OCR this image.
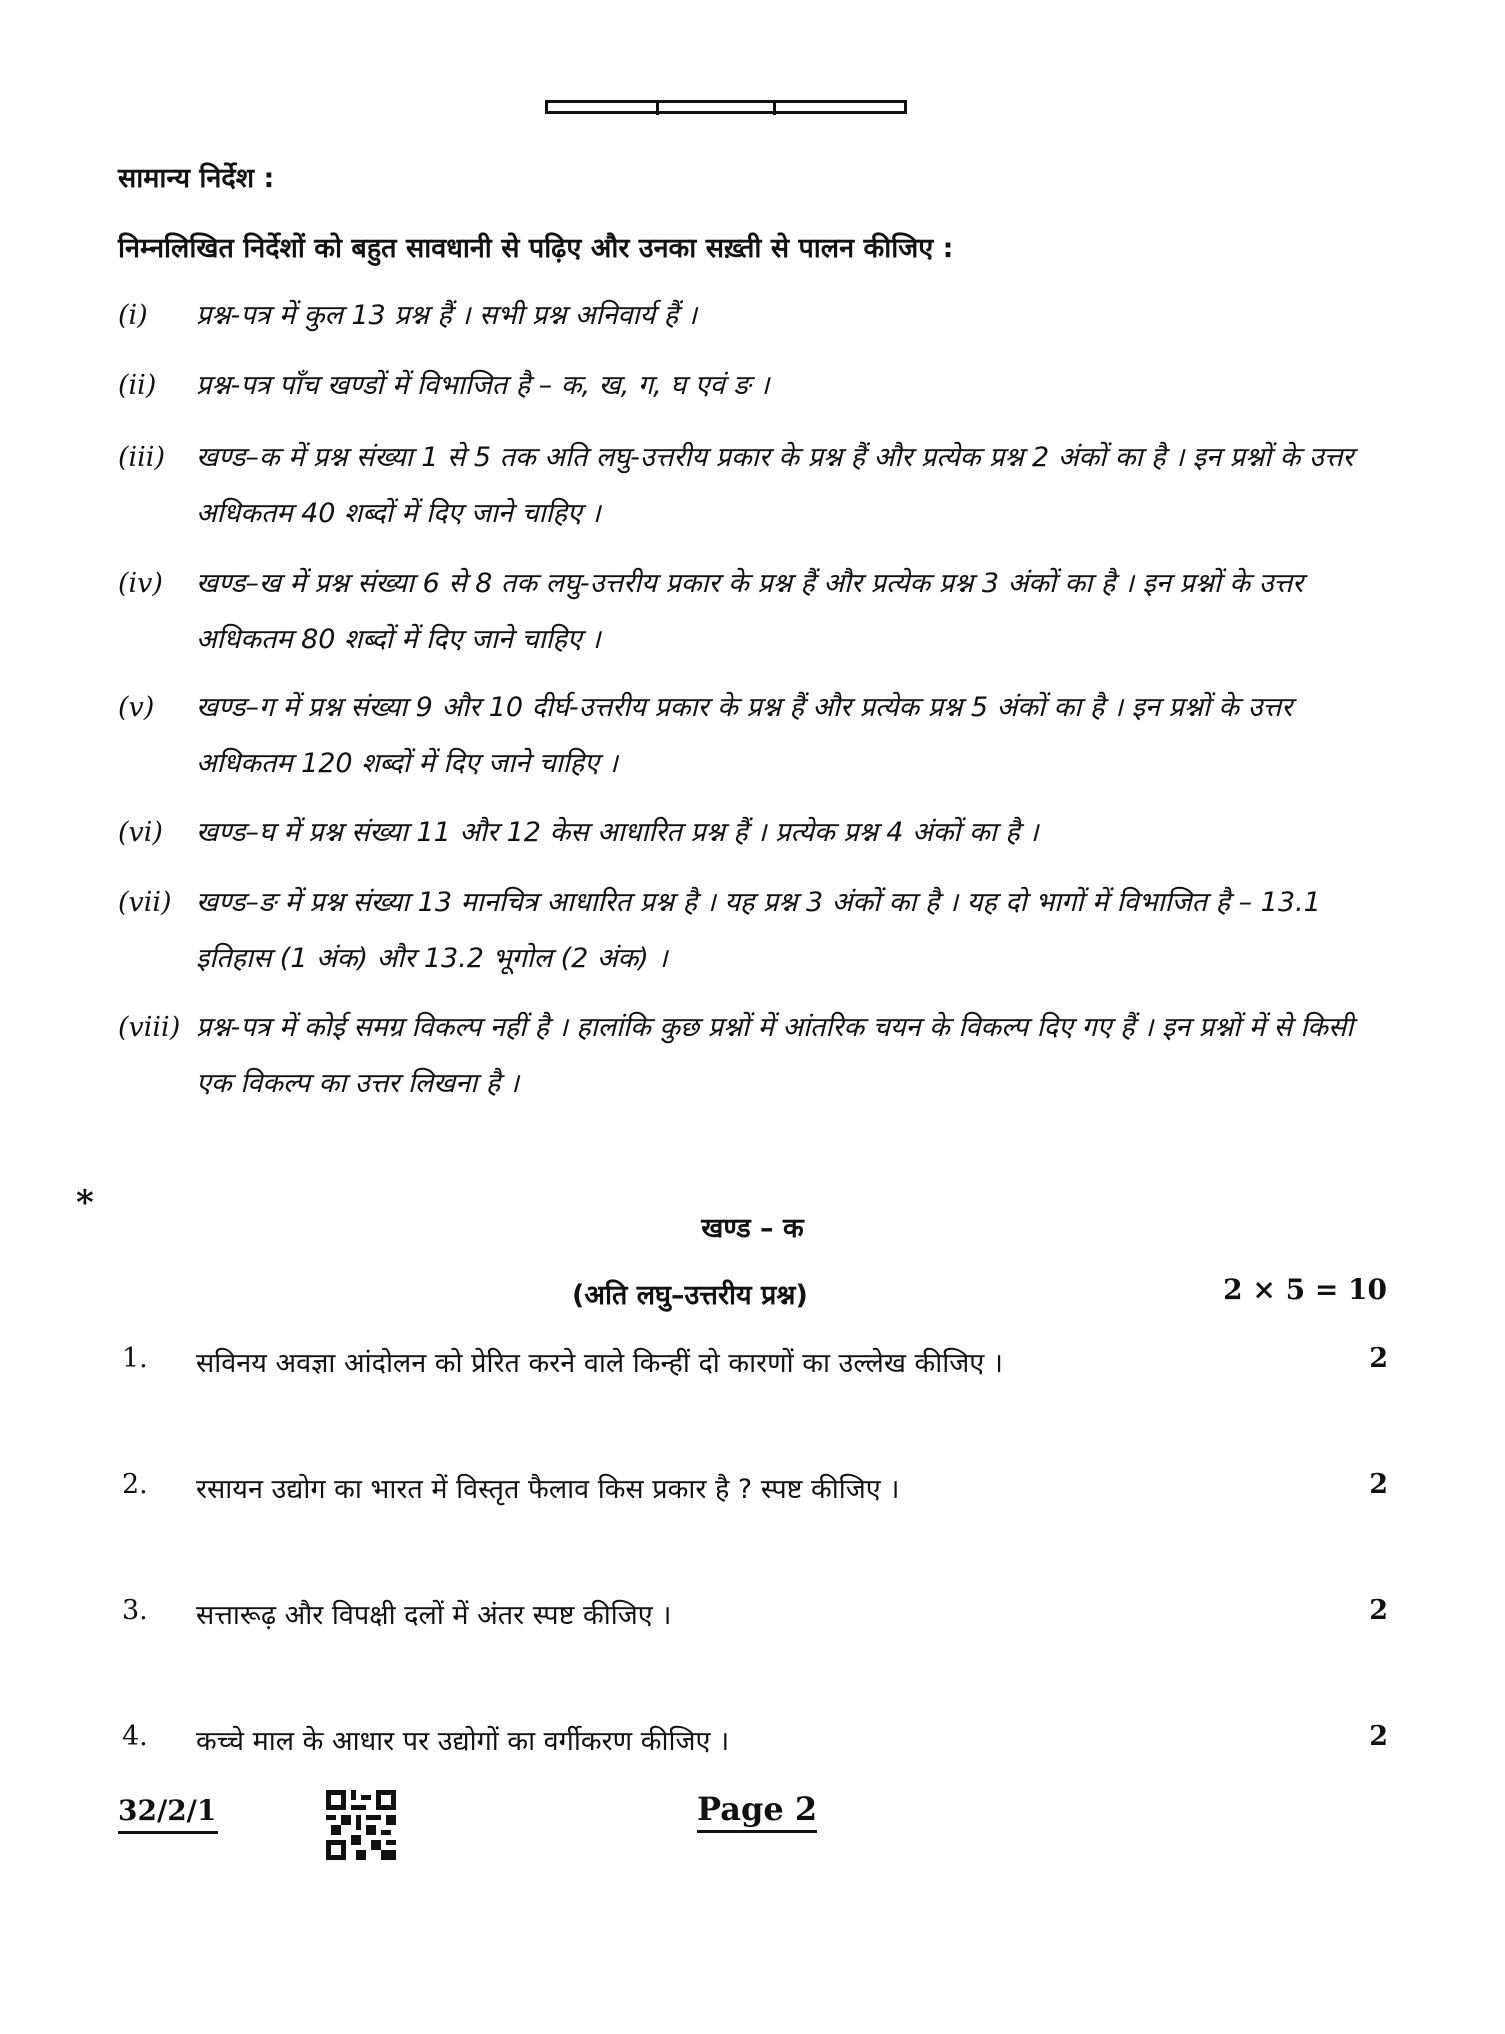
सामान्य निर्देश :
निम्नलिखित निर्देशों को बहुत सावधानी से पढ़िए और उनका सख़्ती से पालन कीजिए :
(i) प्रश्न-पत्र में कुल 13 प्रश्न हैं । सभी प्रश्न अनिवार्य हैं ।
(ii) प्रश्न-पत्र पाँच खण्डों में विभाजित है – क, ख, ग, घ एवं ङ ।
(iii) खण्ड–क में प्रश्न संख्या 1 से 5 तक अति लघु-उत्तरीय प्रकार के प्रश्न हैं और प्रत्येक प्रश्न 2 अंकों का है । इन प्रश्नों के उत्तर अधिकतम 40 शब्दों में दिए जाने चाहिए ।
(iv) खण्ड–ख में प्रश्न संख्या 6 से 8 तक लघु-उत्तरीय प्रकार के प्रश्न हैं और प्रत्येक प्रश्न 3 अंकों का है । इन प्रश्नों के उत्तर अधिकतम 80 शब्दों में दिए जाने चाहिए ।
(v) खण्ड–ग में प्रश्न संख्या 9 और 10 दीर्घ-उत्तरीय प्रकार के प्रश्न हैं और प्रत्येक प्रश्न 5 अंकों का है । इन प्रश्नों के उत्तर अधिकतम 120 शब्दों में दिए जाने चाहिए ।
(vi) खण्ड–घ में प्रश्न संख्या 11 और 12 केस आधारित प्रश्न हैं । प्रत्येक प्रश्न 4 अंकों का है ।
(vii) खण्ड–ङ में प्रश्न संख्या 13 मानचित्र आधारित प्रश्न है । यह प्रश्न 3 अंकों का है । यह दो भागों में विभाजित है – 13.1 इतिहास (1 अंक) और 13.2 भूगोल (2 अंक) ।
(viii) प्रश्न-पत्र में कोई समग्र विकल्प नहीं है । हालांकि कुछ प्रश्नों में आंतरिक चयन के विकल्प दिए गए हैं । इन प्रश्नों में से किसी एक विकल्प का उत्तर लिखना है ।
*
खण्ड – क
(अति लघु–उत्तरीय प्रश्न)	2 × 5 = 10
1. सविनय अवज्ञा आंदोलन को प्रेरित करने वाले किन्हीं दो कारणों का उल्लेख कीजिए ।	2
2. रसायन उद्योग का भारत में विस्तृत फैलाव किस प्रकार है ? स्पष्ट कीजिए ।	2
3. सत्तारूढ़ और विपक्षी दलों में अंतर स्पष्ट कीजिए ।	2
4. कच्चे माल के आधार पर उद्योगों का वर्गीकरण कीजिए ।	2
32/2/1	Page 2
